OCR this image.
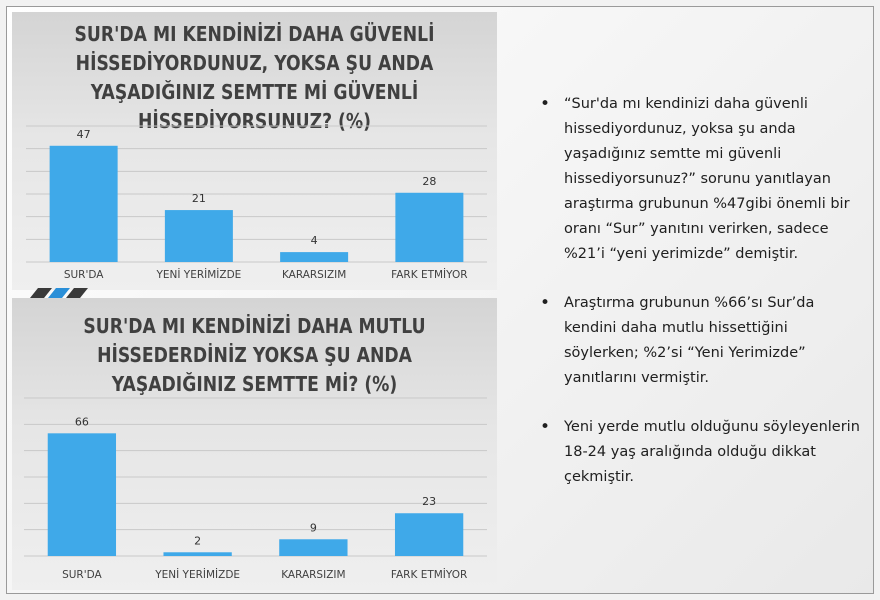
SUR'DA MI KENDİNİZİ DAHA GÜVENLİ
HİSSEDİYORDUNUZ, YOKSA ŞU ANDA
YAŞADIĞINIZ SEMTTE Mİ GÜVENLİ
HİSSEDİYORSUNUZ? (%)
47
SUR'DA
21
YENİ YERİMİZDE
4
KARARSIZIM
28
FARK ETMİYOR
SUR'DA MI KENDİNİZİ DAHA MUTLU
HİSSEDERDİNİZ YOKSA ŞU ANDA
YAŞADIĞINIZ SEMTTE Mİ? (%)
66
SUR'DA
2
YENİ YERİMİZDE
9
KARARSIZIM
23
FARK ETMİYOR
• “Sur'da mı kendinizi daha güvenli hissediyordunuz, yoksa şu anda yaşadığınız semtte mi güvenli hissediyorsunuz?” sorunu yanıtlayan araştırma grubunun %47gibi önemli bir oranı “Sur” yanıtını verirken, sadece %21’i “yeni yerimizde” demiştir.
• Araştırma grubunun %66’sı Sur’da kendini daha mutlu hissettiğini söylerken; %2’si “Yeni Yerimizde” yanıtlarını vermiştir.
• Yeni yerde mutlu olduğunu söyleyenlerin 18-24 yaş aralığında olduğu dikkat çekmiştir.
